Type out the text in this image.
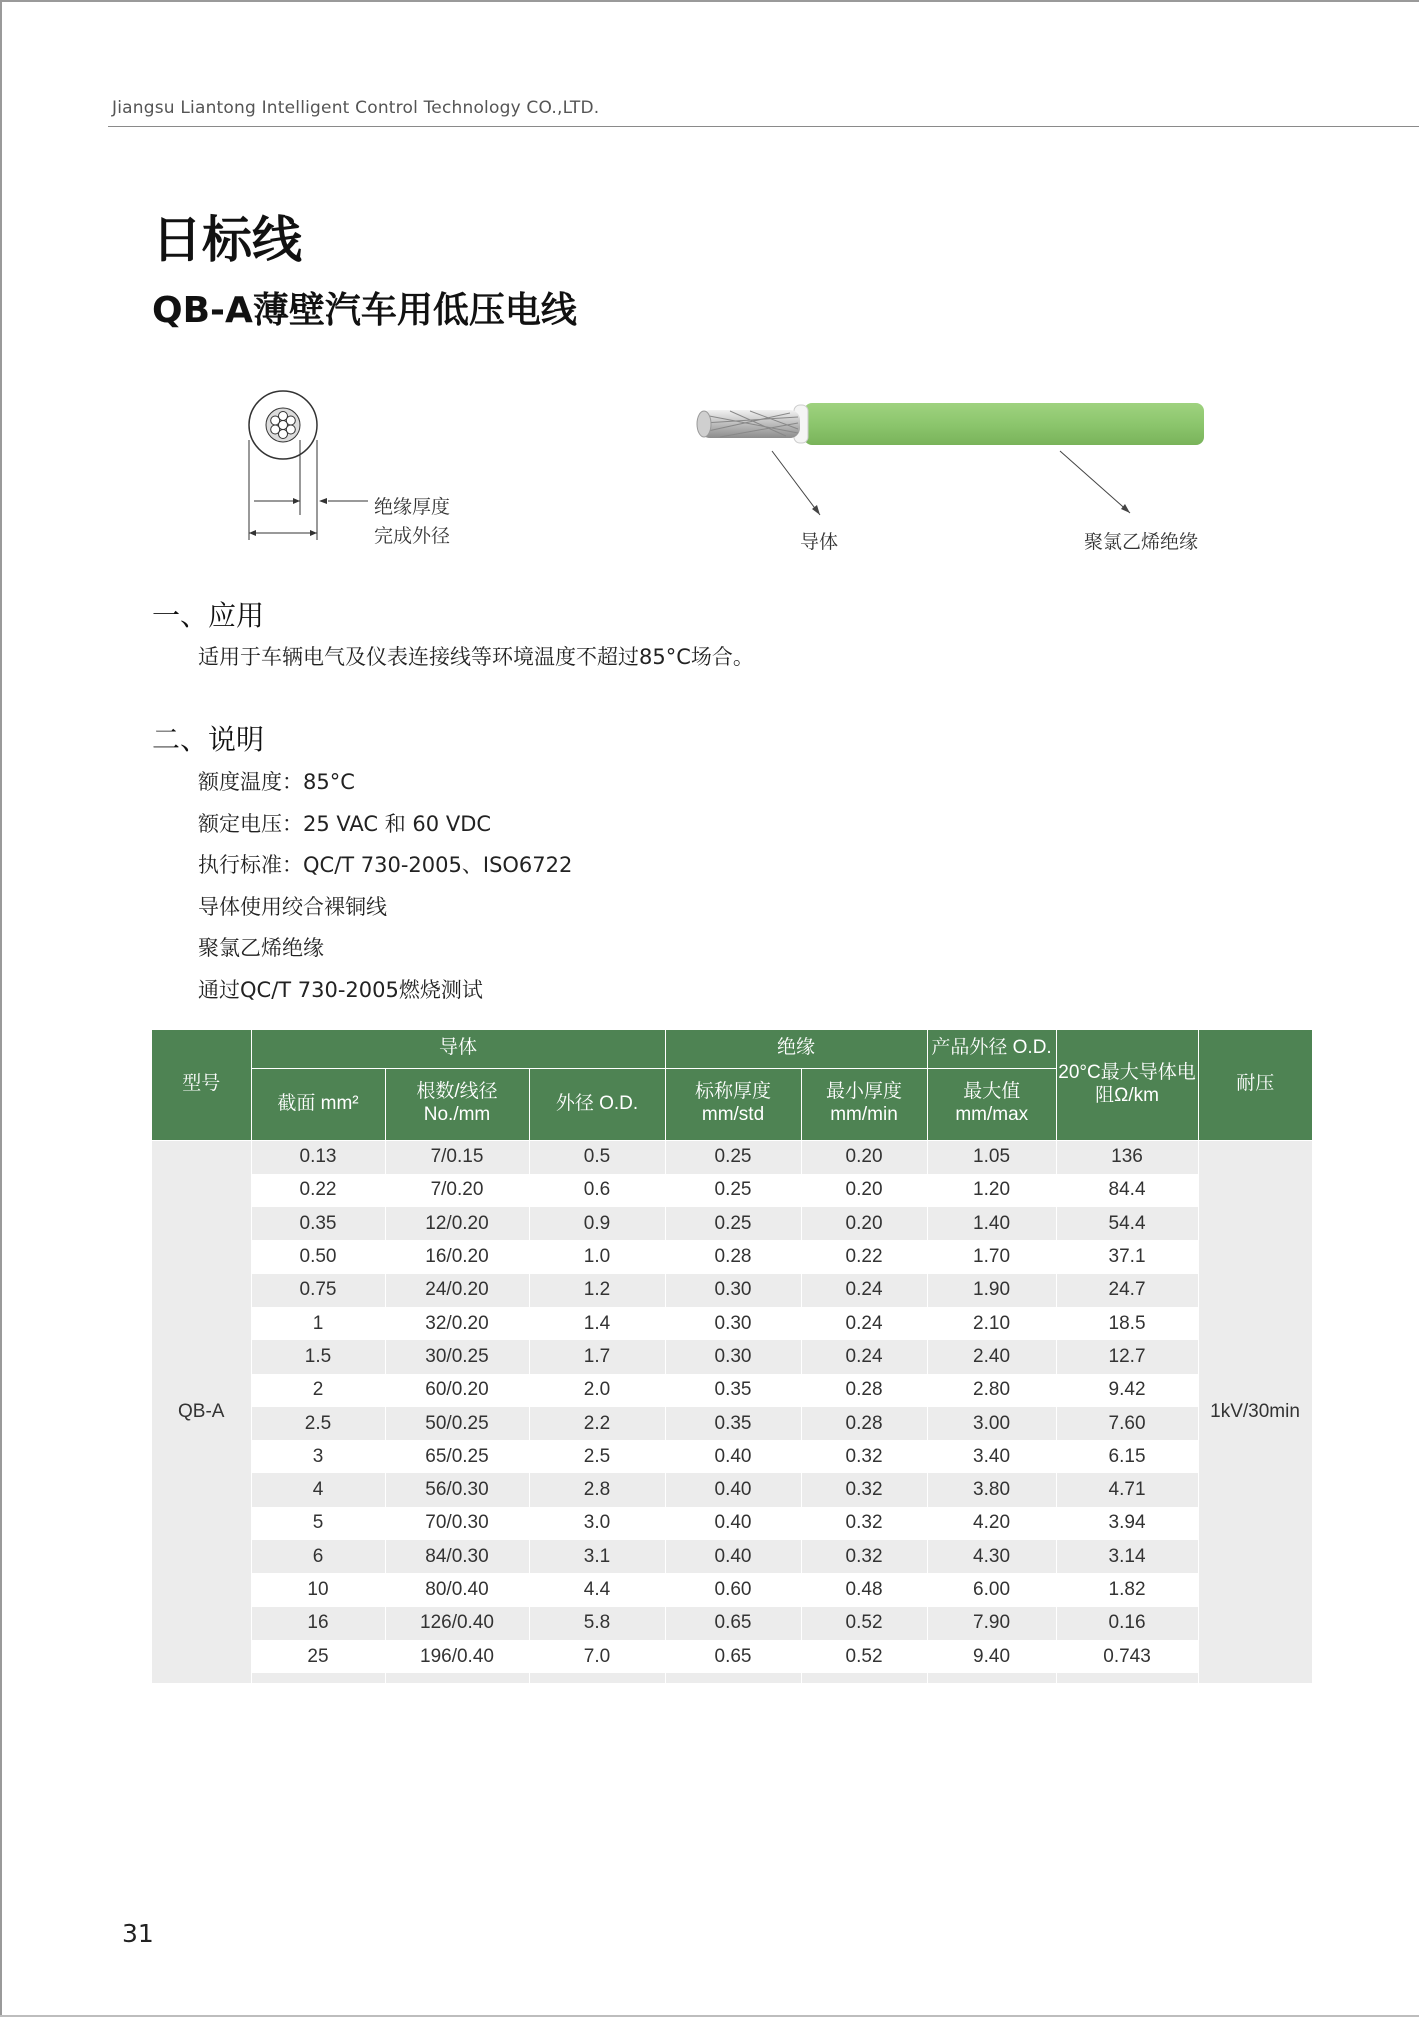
Jiangsu Liantong Intelligent Control Technology CO.,LTD.
日标线
QB-A薄壁汽车用低压电线
绝缘厚度
完成外径	导体	聚氯乙烯绝缘
一、应用
适用于车辆电气及仪表连接线等环境温度不超过85°C场合。
二、说明
额度温度：85°C
额定电压：25 VAC 和 60 VDC
执行标准：QC/T 730-2005、ISO6722
导体使用绞合裸铜线
聚氯乙烯绝缘
通过QC/T 730-2005燃烧测试
型号	导体			绝缘		产品外径 O.D.	20°C最大导体电阻Ω/km	耐压
	截面 mm²	根数/线径 No./mm	外径 O.D.	标称厚度 mm/std	最小厚度 mm/min	最大值 mm/max		
QB-A	0.13	7/0.15	0.5	0.25	0.20	1.05	136	1kV/30min
	0.22	7/0.20	0.6	0.25	0.20	1.20	84.4	
	0.35	12/0.20	0.9	0.25	0.20	1.40	54.4	
	0.50	16/0.20	1.0	0.28	0.22	1.70	37.1	
	0.75	24/0.20	1.2	0.30	0.24	1.90	24.7	
	1	32/0.20	1.4	0.30	0.24	2.10	18.5	
	1.5	30/0.25	1.7	0.30	0.24	2.40	12.7	
	2	60/0.20	2.0	0.35	0.28	2.80	9.42	
	2.5	50/0.25	2.2	0.35	0.28	3.00	7.60	
	3	65/0.25	2.5	0.40	0.32	3.40	6.15	
	4	56/0.30	2.8	0.40	0.32	3.80	4.71	
	5	70/0.30	3.0	0.40	0.32	4.20	3.94	
	6	84/0.30	3.1	0.40	0.32	4.30	3.14	
	10	80/0.40	4.4	0.60	0.48	6.00	1.82	
	16	126/0.40	5.8	0.65	0.52	7.90	0.16	
	25	196/0.40	7.0	0.65	0.52	9.40	0.743	

31
